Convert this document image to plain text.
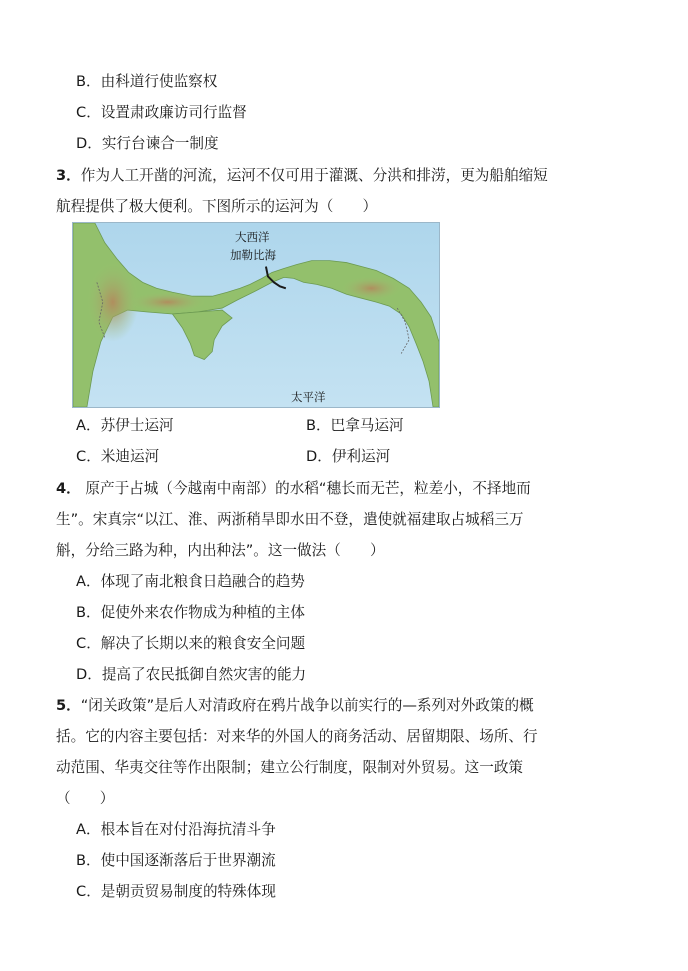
B．由科道行使监察权
C．设置肃政廉访司行监督
D．实行台谏合一制度
3．作为人工开凿的河流，运河不仅可用于灌溉、分洪和排涝，更为船舶缩短
航程提供了极大便利。下图所示的运河为（　　）
大西洋
加勒比海
太平洋
A．苏伊士运河	B．巴拿马运河
C．米迪运河	D．伊利运河
4． 原产于占城（今越南中南部）的水稻“穗长而无芒，粒差小，不择地而
生”。宋真宗“以江、淮、两浙稍旱即水田不登，遣使就福建取占城稻三万
斛，分给三路为种，内出种法”。这一做法（　　）
A．体现了南北粮食日趋融合的趋势
B．促使外来农作物成为种植的主体
C．解决了长期以来的粮食安全问题
D．提高了农民抵御自然灾害的能力
5．“闭关政策”是后人对清政府在鸦片战争以前实行的—系列对外政策的概
括。它的内容主要包括：对来华的外国人的商务活动、居留期限、场所、行
动范围、华夷交往等作出限制；建立公行制度，限制对外贸易。这一政策
（　　）
A．根本旨在对付沿海抗清斗争
B．使中国逐渐落后于世界潮流
C．是朝贡贸易制度的特殊体现
